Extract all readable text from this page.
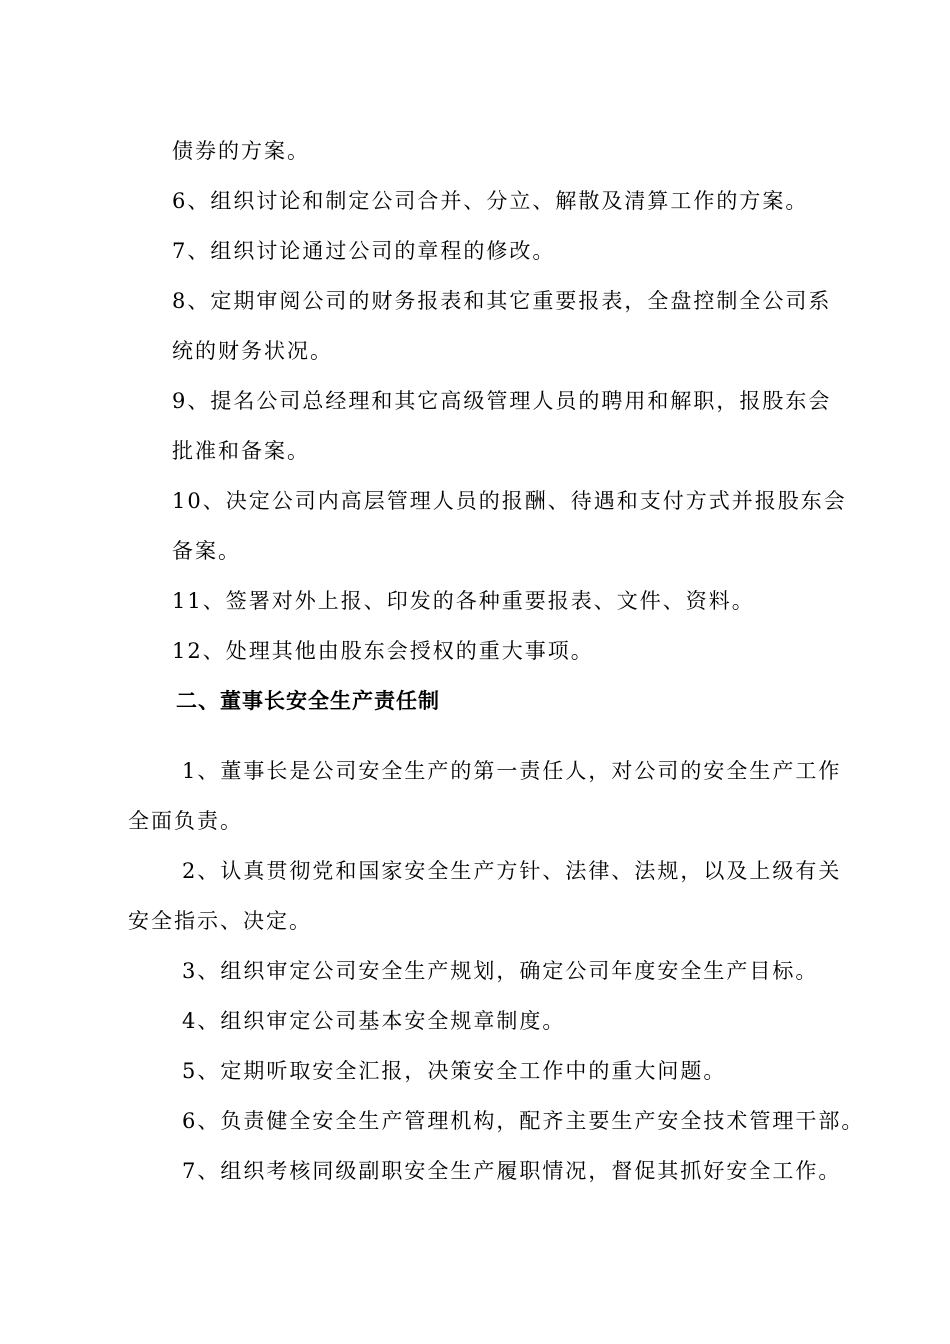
债券的方案。
6、组织讨论和制定公司合并、分立、解散及清算工作的方案。
7、组织讨论通过公司的章程的修改。
8、定期审阅公司的财务报表和其它重要报表，全盘控制全公司系
统的财务状况。
9、提名公司总经理和其它高级管理人员的聘用和解职，报股东会
批准和备案。
10、决定公司内高层管理人员的报酬、待遇和支付方式并报股东会
备案。
11、签署对外上报、印发的各种重要报表、文件、资料。
12、处理其他由股东会授权的重大事项。
二、董事长安全生产责任制
1、董事长是公司安全生产的第一责任人，对公司的安全生产工作
全面负责。
2、认真贯彻党和国家安全生产方针、法律、法规，以及上级有关
安全指示、决定。
3、组织审定公司安全生产规划，确定公司年度安全生产目标。
4、组织审定公司基本安全规章制度。
5、定期听取安全汇报，决策安全工作中的重大问题。
6、负责健全安全生产管理机构，配齐主要生产安全技术管理干部。
7、组织考核同级副职安全生产履职情况，督促其抓好安全工作。
